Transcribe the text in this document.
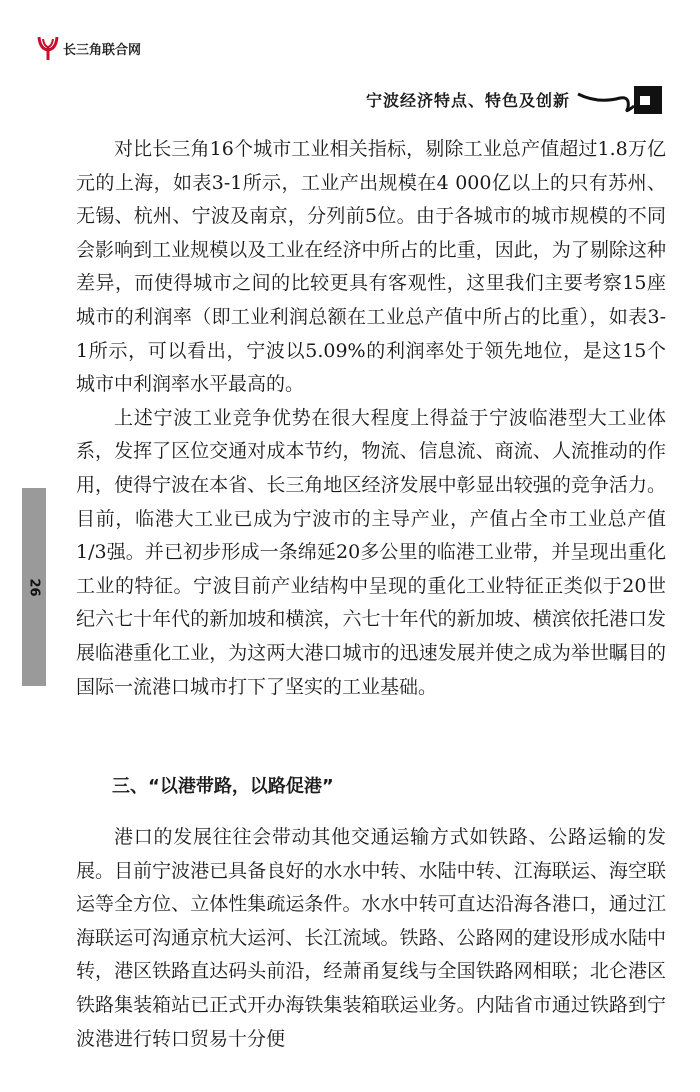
长三角联合网
宁波经济特点、特色及创新
26

对比长三角16个城市工业相关指标，剔除工业总产值超过1.8万亿元的上海，如表3-1所示，工业产出规模在4 000亿以上的只有苏州、无锡、杭州、宁波及南京，分列前5位。由于各城市的城市规模的不同会影响到工业规模以及工业在经济中所占的比重，因此，为了剔除这种差异，而使得城市之间的比较更具有客观性，这里我们主要考察15座城市的利润率（即工业利润总额在工业总产值中所占的比重），如表3-1所示，可以看出，宁波以5.09%的利润率处于领先地位，是这15个城市中利润率水平最高的。

上述宁波工业竞争优势在很大程度上得益于宁波临港型大工业体系，发挥了区位交通对成本节约，物流、信息流、商流、人流推动的作用，使得宁波在本省、长三角地区经济发展中彰显出较强的竞争活力。目前，临港大工业已成为宁波市的主导产业，产值占全市工业总产值1/3强。并已初步形成一条绵延20多公里的临港工业带，并呈现出重化工业的特征。宁波目前产业结构中呈现的重化工业特征正类似于20世纪六七十年代的新加坡和横滨，六七十年代的新加坡、横滨依托港口发展临港重化工业，为这两大港口城市的迅速发展并使之成为举世瞩目的国际一流港口城市打下了坚实的工业基础。

三、“以港带路，以路促港”

港口的发展往往会带动其他交通运输方式如铁路、公路运输的发展。目前宁波港已具备良好的水水中转、水陆中转、江海联运、海空联运等全方位、立体性集疏运条件。水水中转可直达沿海各港口，通过江海联运可沟通京杭大运河、长江流域。铁路、公路网的建设形成水陆中转，港区铁路直达码头前沿，经萧甬复线与全国铁路网相联；北仑港区铁路集装箱站已正式开办海铁集装箱联运业务。内陆省市通过铁路到宁波港进行转口贸易十分便
